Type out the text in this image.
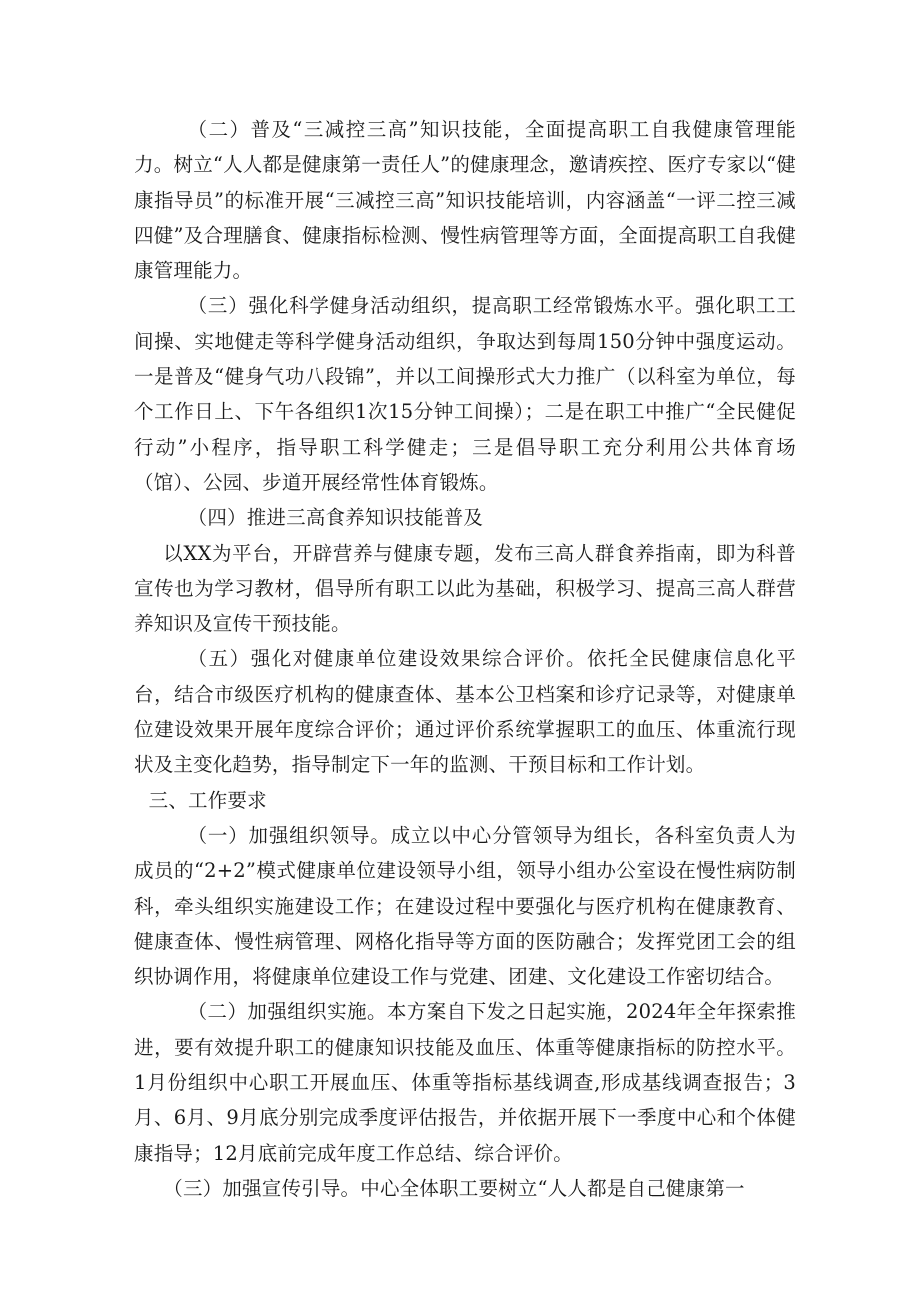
（二）普及“三减控三高”知识技能，全面提高职工自我健康管理能力。树立“人人都是健康第一责任人”的健康理念，邀请疾控、医疗专家以“健康指导员”的标准开展“三减控三高”知识技能培训，内容涵盖“一评二控三减四健”及合理膳食、健康指标检测、慢性病管理等方面，全面提高职工自我健康管理能力。

（三）强化科学健身活动组织，提高职工经常锻炼水平。强化职工工间操、实地健走等科学健身活动组织，争取达到每周150分钟中强度运动。一是普及“健身气功八段锦”，并以工间操形式大力推广（以科室为单位，每个工作日上、下午各组织1次15分钟工间操）；二是在职工中推广“全民健促行动”小程序，指导职工科学健走；三是倡导职工充分利用公共体育场（馆）、公园、步道开展经常性体育锻炼。

（四）推进三高食养知识技能普及

以XX为平台，开辟营养与健康专题，发布三高人群食养指南，即为科普宣传也为学习教材，倡导所有职工以此为基础，积极学习、提高三高人群营养知识及宣传干预技能。

（五）强化对健康单位建设效果综合评价。依托全民健康信息化平台，结合市级医疗机构的健康查体、基本公卫档案和诊疗记录等，对健康单位建设效果开展年度综合评价；通过评价系统掌握职工的血压、体重流行现状及主变化趋势，指导制定下一年的监测、干预目标和工作计划。

三、工作要求

（一）加强组织领导。成立以中心分管领导为组长，各科室负责人为成员的“2+2”模式健康单位建设领导小组，领导小组办公室设在慢性病防制科，牵头组织实施建设工作；在建设过程中要强化与医疗机构在健康教育、健康查体、慢性病管理、网格化指导等方面的医防融合；发挥党团工会的组织协调作用，将健康单位建设工作与党建、团建、文化建设工作密切结合。

（二）加强组织实施。本方案自下发之日起实施，2024年全年探索推进，要有效提升职工的健康知识技能及血压、体重等健康指标的防控水平。1月份组织中心职工开展血压、体重等指标基线调查,形成基线调查报告；3月、6月、9月底分别完成季度评估报告，并依据开展下一季度中心和个体健康指导；12月底前完成年度工作总结、综合评价。

（三）加强宣传引导。中心全体职工要树立“人人都是自己健康第一
